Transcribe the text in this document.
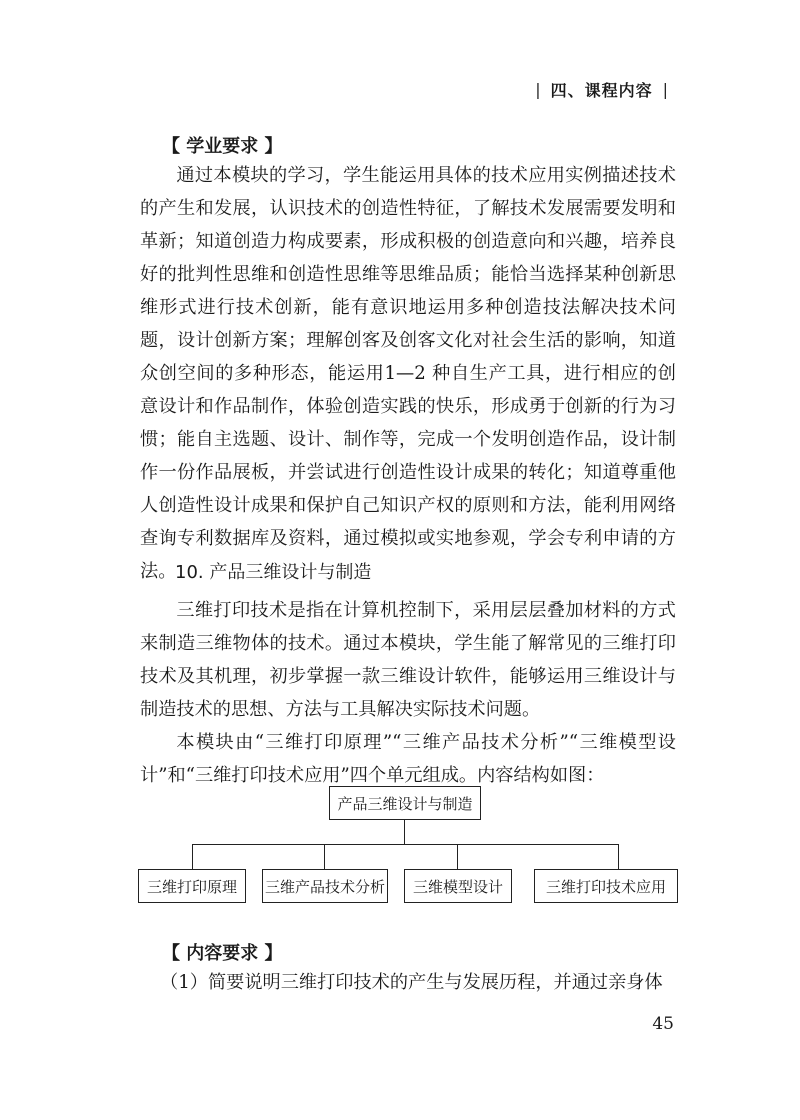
| 四、课程内容 |
【 学业要求 】

通过本模块的学习，学生能运用具体的技术应用实例描述技术的产生和发展，认识技术的创造性特征，了解技术发展需要发明和革新；知道创造力构成要素，形成积极的创造意向和兴趣，培养良好的批判性思维和创造性思维等思维品质；能恰当选择某种创新思维形式进行技术创新，能有意识地运用多种创造技法解决技术问题，设计创新方案；理解创客及创客文化对社会生活的影响，知道众创空间的多种形态，能运用1—2 种自生产工具，进行相应的创意设计和作品制作，体验创造实践的快乐，形成勇于创新的行为习惯；能自主选题、设计、制作等，完成一个发明创造作品，设计制作一份作品展板，并尝试进行创造性设计成果的转化；知道尊重他人创造性设计成果和保护自己知识产权的原则和方法，能利用网络查询专利数据库及资料，通过模拟或实地参观，学会专利申请的方法。

10. 产品三维设计与制造

三维打印技术是指在计算机控制下，采用层层叠加材料的方式来制造三维物体的技术。通过本模块，学生能了解常见的三维打印技术及其机理，初步掌握一款三维设计软件，能够运用三维设计与制造技术的思想、方法与工具解决实际技术问题。

本模块由“三维打印原理”“三维产品技术分析”“三维模型设计”和“三维打印技术应用”四个单元组成。内容结构如图：

产品三维设计与制造
三维打印原理	三维产品技术分析	三维模型设计	三维打印技术应用
【 内容要求 】

（1）简要说明三维打印技术的产生与发展历程，并通过亲身体

45
